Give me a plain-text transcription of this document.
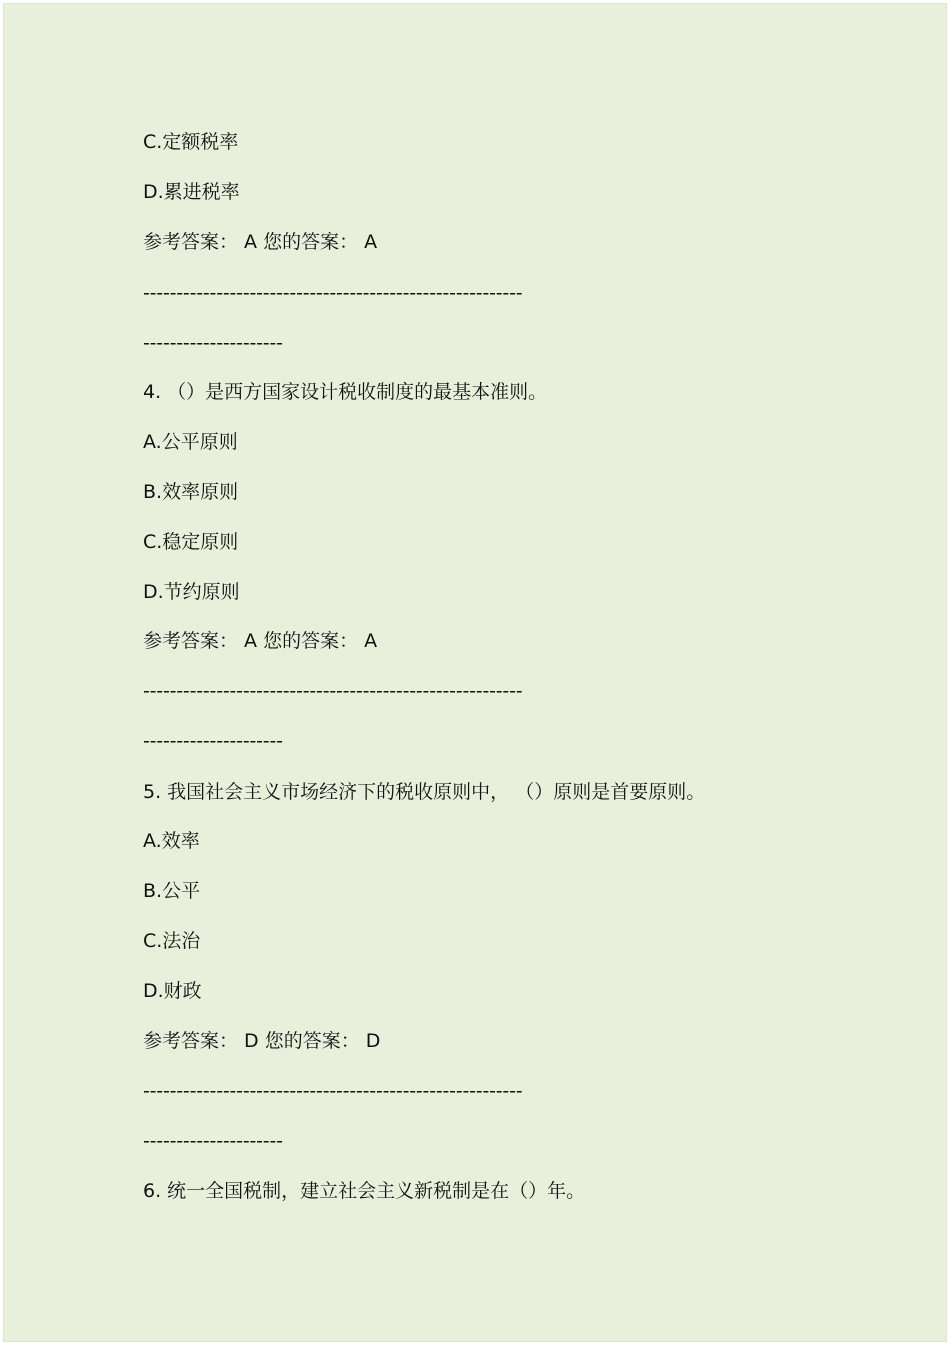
C.定额税率
D.累进税率
参考答案： A 您的答案： A
---------------------------------------------------------
---------------------
4. （）是西方国家设计税收制度的最基本准则。
A.公平原则
B.效率原则
C.稳定原则
D.节约原则
参考答案： A 您的答案： A
---------------------------------------------------------
---------------------
5. 我国社会主义市场经济下的税收原则中， （）原则是首要原则。
A.效率
B.公平
C.法治
D.财政
参考答案： D 您的答案： D
---------------------------------------------------------
---------------------
6. 统一全国税制，建立社会主义新税制是在（）年。
